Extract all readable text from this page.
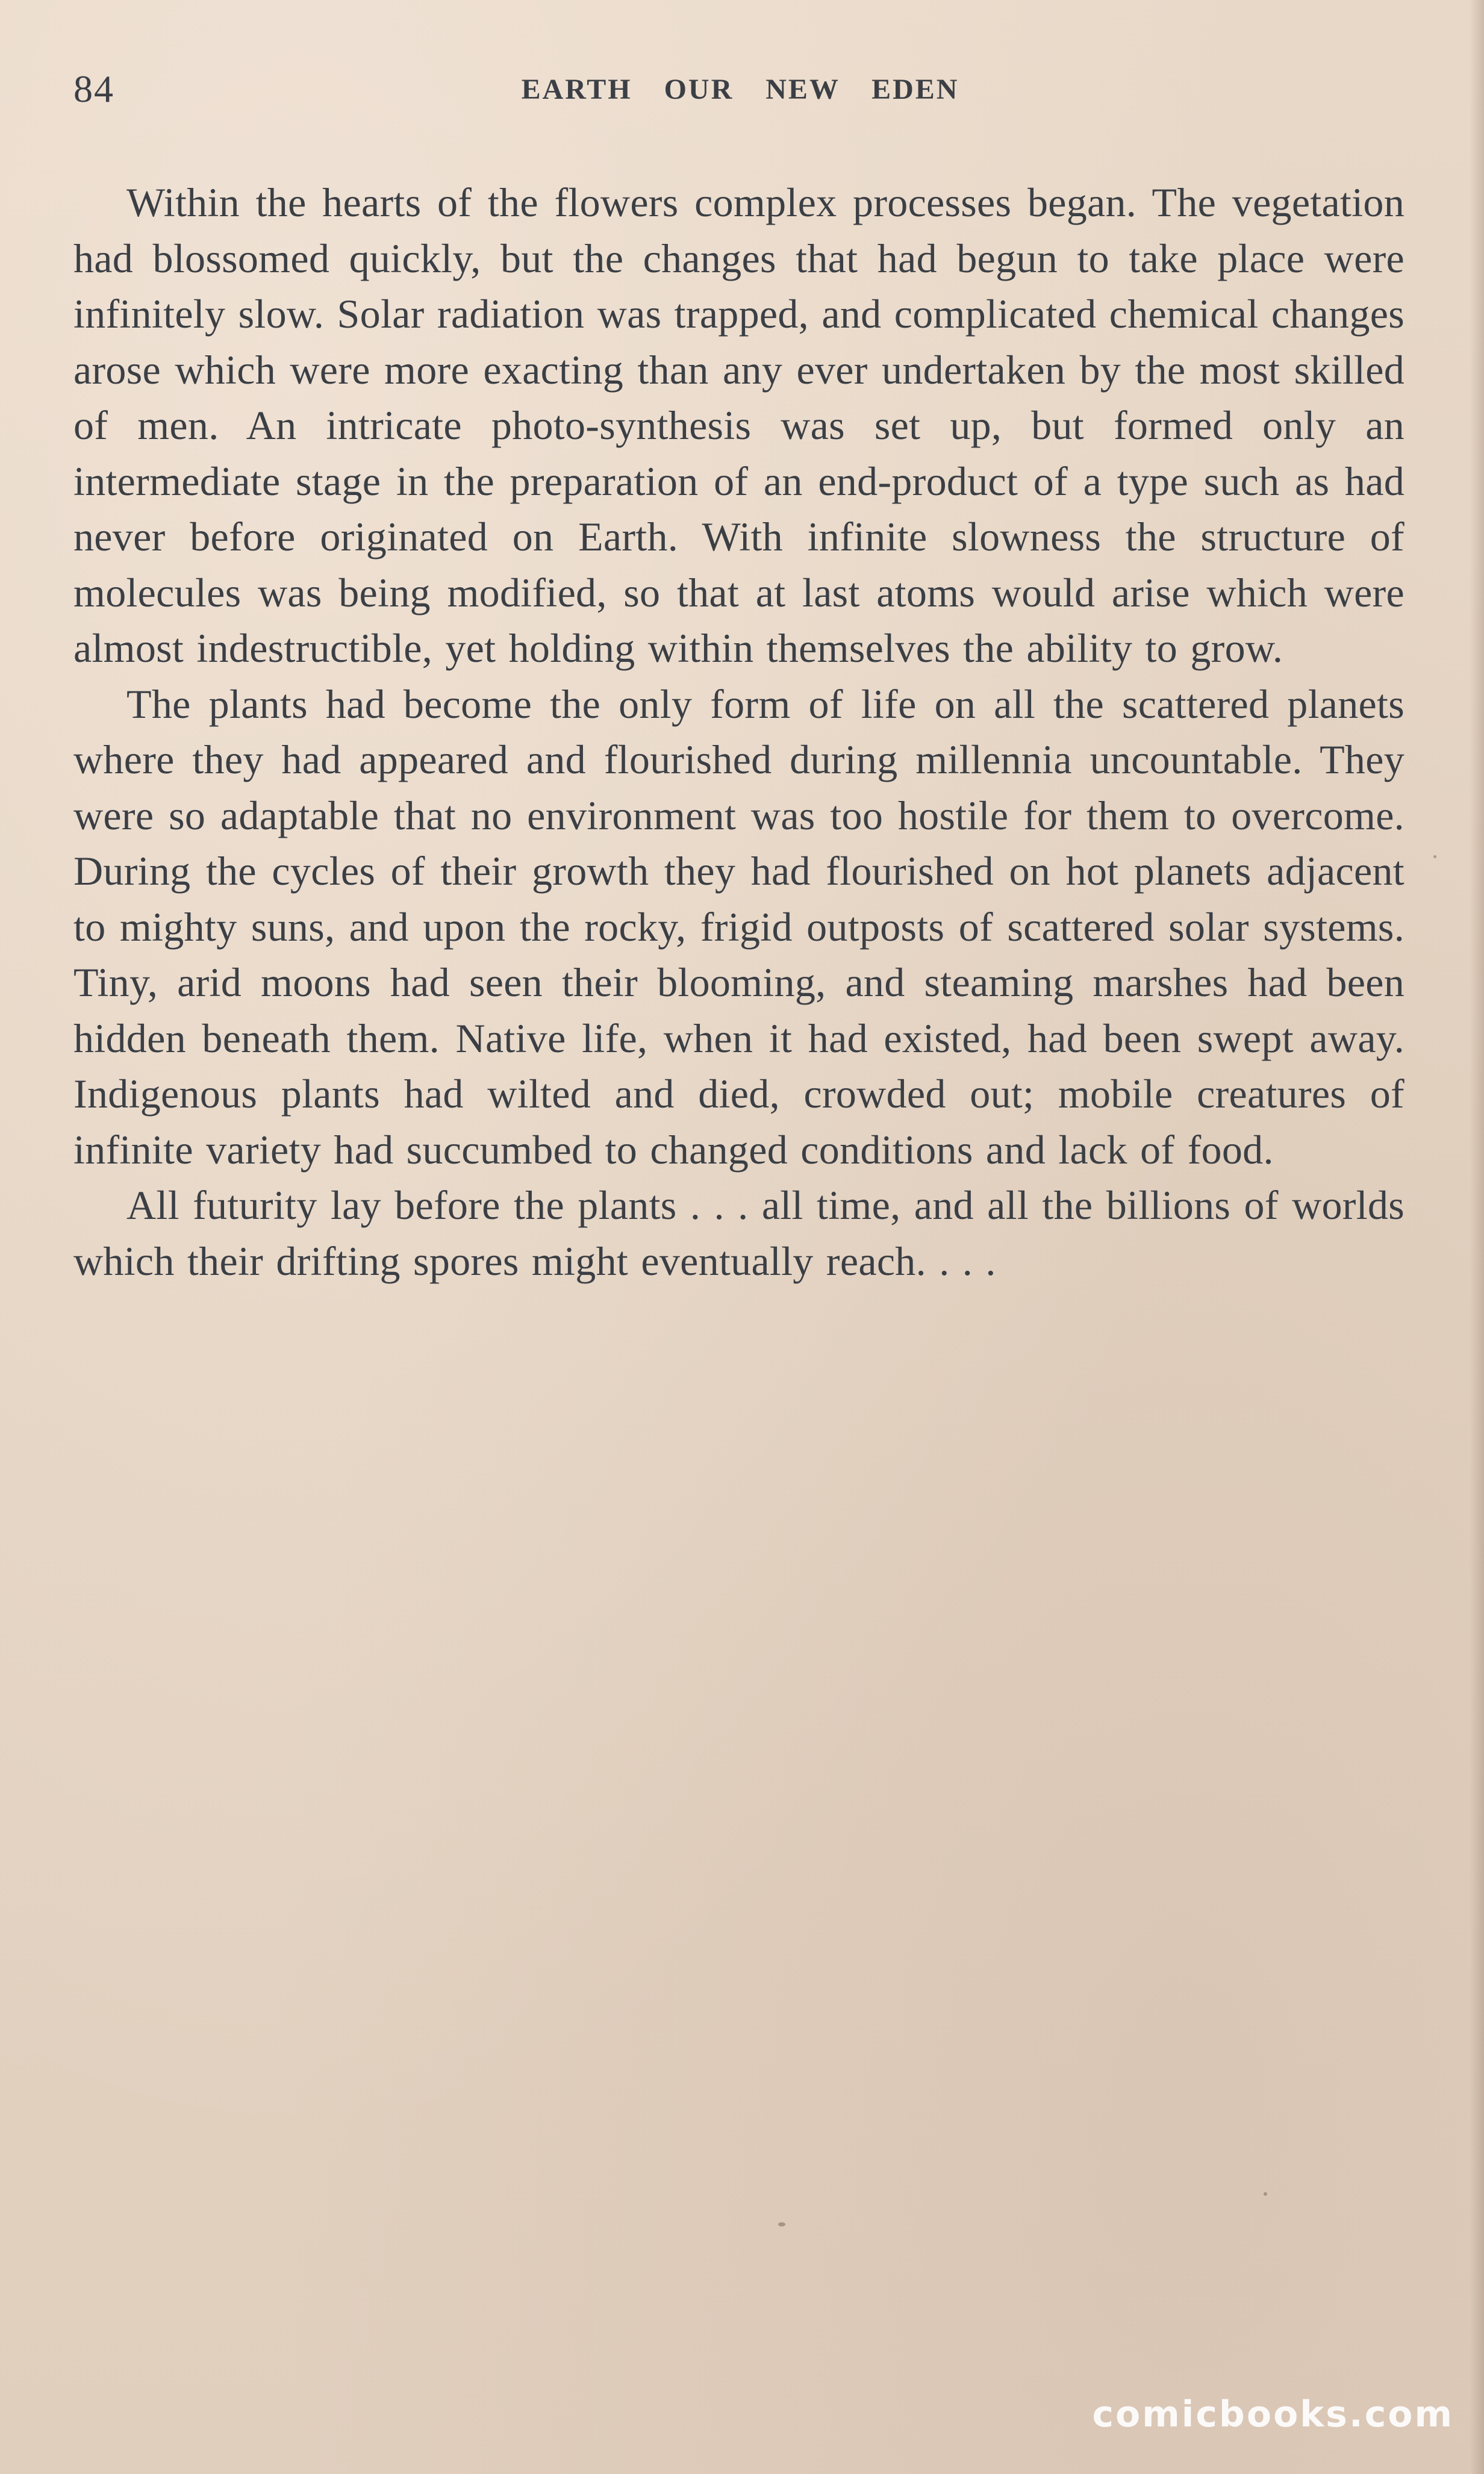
84	EARTH OUR NEW EDEN

Within the hearts of the flowers complex processes began. The vegetation had blossomed quickly, but the changes that had begun to take place were infinitely slow. Solar radiation was trapped, and complicated chemical changes arose which were more exacting than any ever undertaken by the most skilled of men. An intricate photo-synthesis was set up, but formed only an intermediate stage in the preparation of an end-product of a type such as had never before originated on Earth. With infinite slowness the structure of molecules was being modified, so that at last atoms would arise which were almost indestructible, yet holding within themselves the ability to grow.

The plants had become the only form of life on all the scattered planets where they had appeared and flourished during millennia uncountable. They were so adaptable that no environment was too hostile for them to overcome. During the cycles of their growth they had flourished on hot planets adjacent to mighty suns, and upon the rocky, frigid outposts of scattered solar systems. Tiny, arid moons had seen their blooming, and steaming marshes had been hidden beneath them. Native life, when it had existed, had been swept away. Indigenous plants had wilted and died, crowded out; mobile creatures of infinite variety had succumbed to changed conditions and lack of food.

All futurity lay before the plants . . . all time, and all the billions of worlds which their drifting spores might eventually reach. . . .

comicbooks.com
